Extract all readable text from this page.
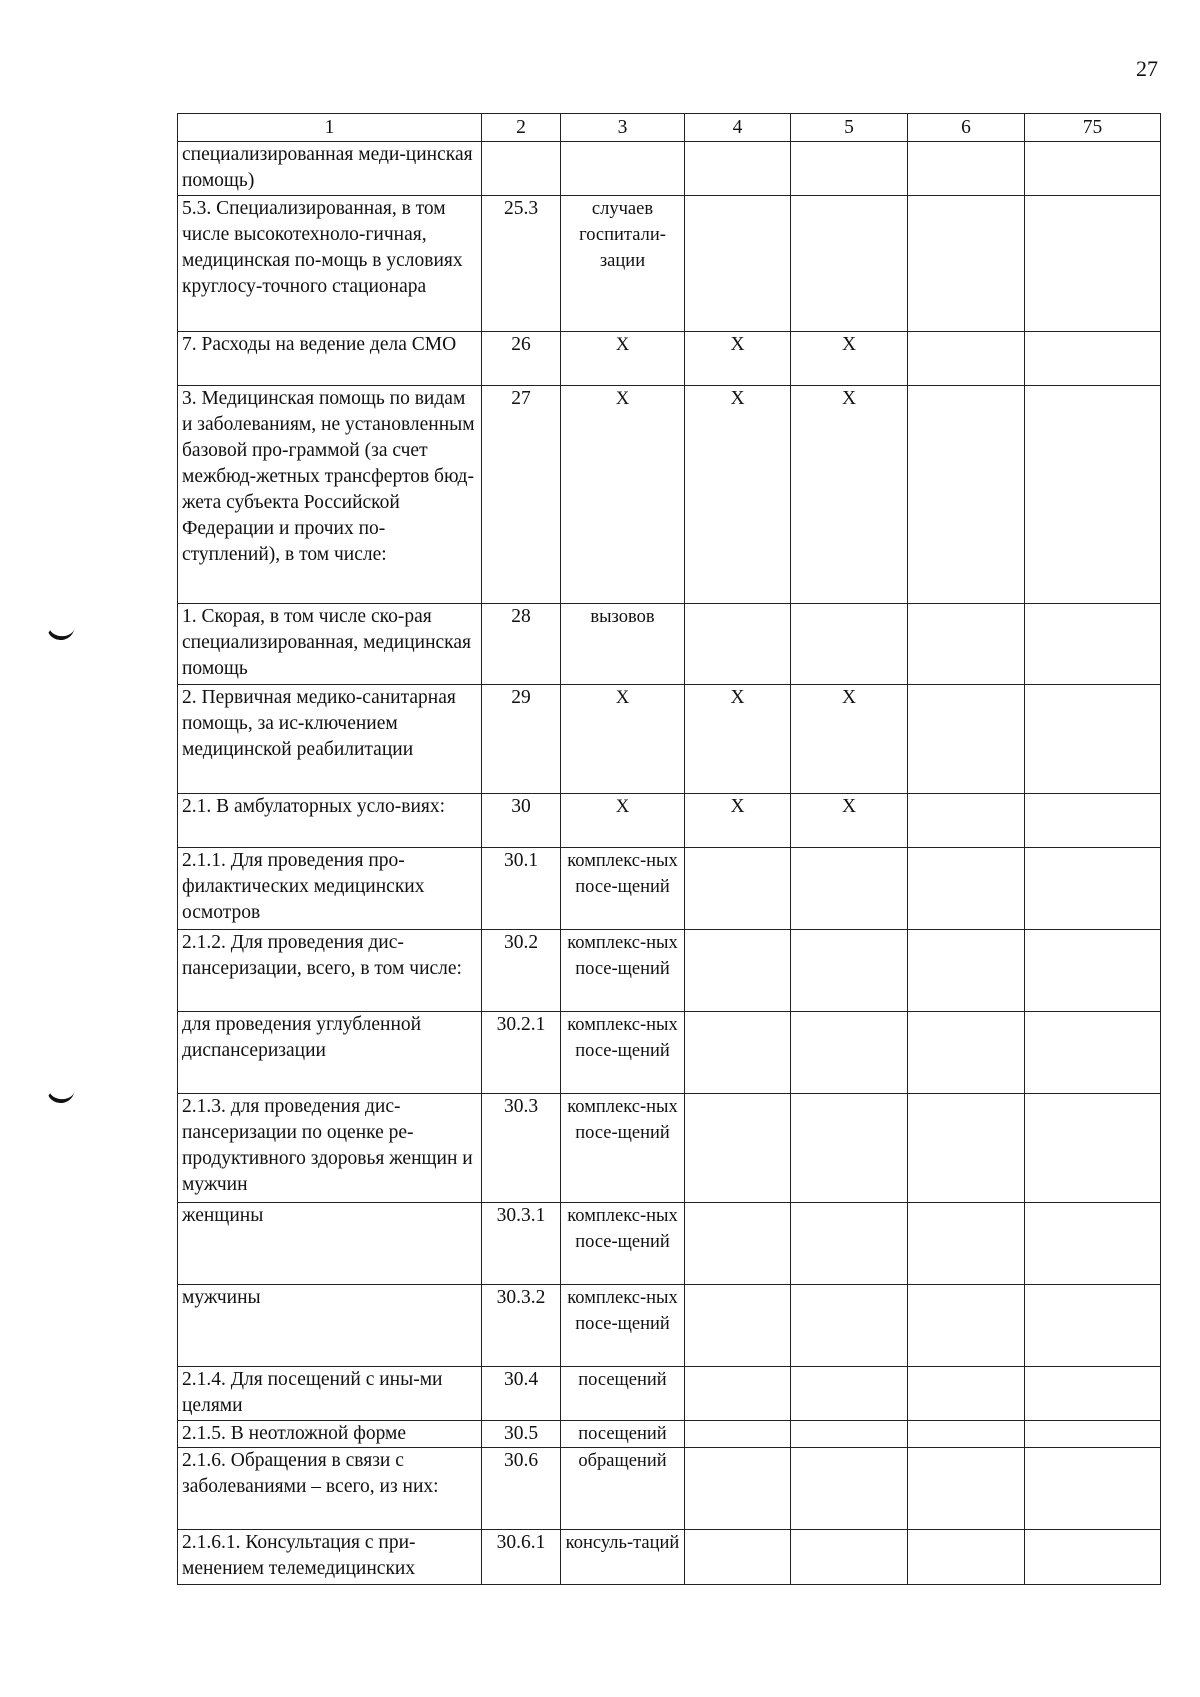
27
1	2	3	4	5	6	75
специализированная меди-цинская помощь)						
5.3. Специализированная, в том числе высокотехноло-гичная, медицинская по-мощь в условиях круглосу-точного стационара	25.3	случаев госпитали-зации				
7. Расходы на ведение дела СМО	26	X	X	X		
3. Медицинская помощь по видам и заболеваниям, не установленным базовой про-граммой (за счет межбюд-жетных трансфертов бюд-жета субъекта Российской Федерации и прочих по-ступлений), в том числе:	27	X	X	X		
1. Скорая, в том числе ско-рая специализированная, медицинская помощь	28	вызовов				
2. Первичная медико-санитарная помощь, за ис-ключением медицинской реабилитации	29	X	X	X		
2.1. В амбулаторных усло-виях:	30	X	X	X		
2.1.1. Для проведения про-филактических медицинских осмотров	30.1	комплекс-ных посе-щений				
2.1.2. Для проведения дис-пансеризации, всего, в том числе:	30.2	комплекс-ных посе-щений				
для проведения углубленной диспансеризации	30.2.1	комплекс-ных посе-щений				
2.1.3. для проведения дис-пансеризации по оценке ре-продуктивного здоровья женщин и мужчин	30.3	комплекс-ных посе-щений				
женщины	30.3.1	комплекс-ных посе-щений				
мужчины	30.3.2	комплекс-ных посе-щений				
2.1.4. Для посещений с ины-ми целями	30.4	посещений				
2.1.5. В неотложной форме	30.5	посещений				
2.1.6. Обращения в связи с заболеваниями – всего, из них:	30.6	обращений				
2.1.6.1. Консультация с при-менением телемедицинских	30.6.1	консуль-таций				
